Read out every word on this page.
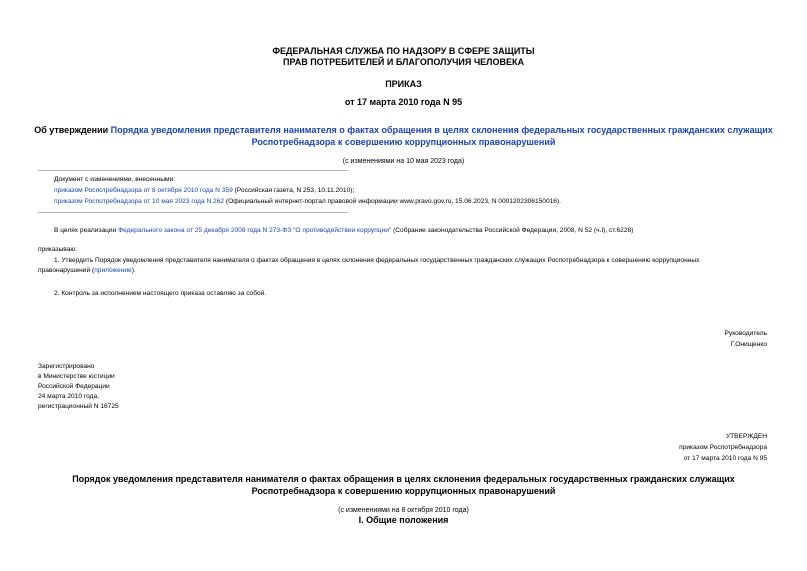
ФЕДЕРАЛЬНАЯ СЛУЖБА ПО НАДЗОРУ В СФЕРЕ ЗАЩИТЫ
ПРАВ ПОТРЕБИТЕЛЕЙ И БЛАГОПОЛУЧИЯ ЧЕЛОВЕКА
ПРИКАЗ
от 17 марта 2010 года N 95
Об утверждении Порядка уведомления представителя нанимателя о фактах обращения в целях склонения федеральных государственных гражданских служащих
Роспотребнадзора к совершению коррупционных правонарушений
(с изменениями на 10 мая 2023 года)
Документ с изменениями, внесенными:
приказом Роспотребнадзора от 8 октября 2010 года N 359 (Российская газета, N 253, 10.11.2010);
приказом Роспотребнадзора от 10 мая 2023 года N 262 (Официальный интернет-портал правовой информации www.pravo.gov.ru, 15.06.2023, N 0001202306150016).
В целях реализации Федерального закона от 25 декабря 2008 года N 273-ФЗ "О противодействии коррупции" (Собрание законодательства Российской Федерации, 2008, N 52 (ч.I), ст.6228)
приказываю:
1. Утвердить Порядок уведомления представителя нанимателя о фактах обращения в целях склонения федеральных государственных гражданских служащих Роспотребнадзора к совершению коррупционных
правонарушений (приложение).
2. Контроль за исполнением настоящего приказа оставляю за собой.
Руководитель
Г.Онищенко
Зарегистрировано
в Министерстве юстиции
Российской Федерации
24 марта 2010 года,
регистрационный N 16725
УТВЕРЖДЕН
приказом Роспотребнадзора
от 17 марта 2010 года N 95
Порядок уведомления представителя нанимателя о фактах обращения в целях склонения федеральных государственных гражданских служащих
Роспотребнадзора к совершению коррупционных правонарушений
(с изменениями на 8 октября 2010 года)
I. Общие положения
